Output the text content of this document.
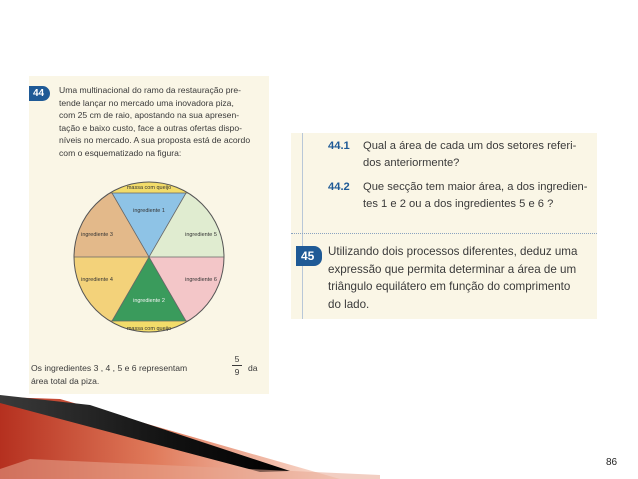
44	Uma multinacional do ramo da restauração pre-
tende lançar no mercado uma inovadora piza,
com 25 cm de raio, apostando na sua apresen-
tação e baixo custo, face a outras ofertas dispo-
níveis no mercado. A sua proposta está de acordo
com o esquematizado na figura:
massa com queijo
massa com queijo
ingrediente 1
ingrediente 5
ingrediente 6
ingrediente 2
ingrediente 4
ingrediente 3
Os ingredientes 3 , 4 , 5 e 6 representam
5
9	da
área total da piza.
44.1 Qual a área de cada um dos setores referi-
dos anteriormente?
44.2 Que secção tem maior área, a dos ingredien-
tes 1 e 2 ou a dos ingredientes 5 e 6 ?
45	Utilizando dois processos diferentes, deduz uma
expressão que permita determinar a área de um
triângulo equilátero em função do comprimento
do lado.
86
